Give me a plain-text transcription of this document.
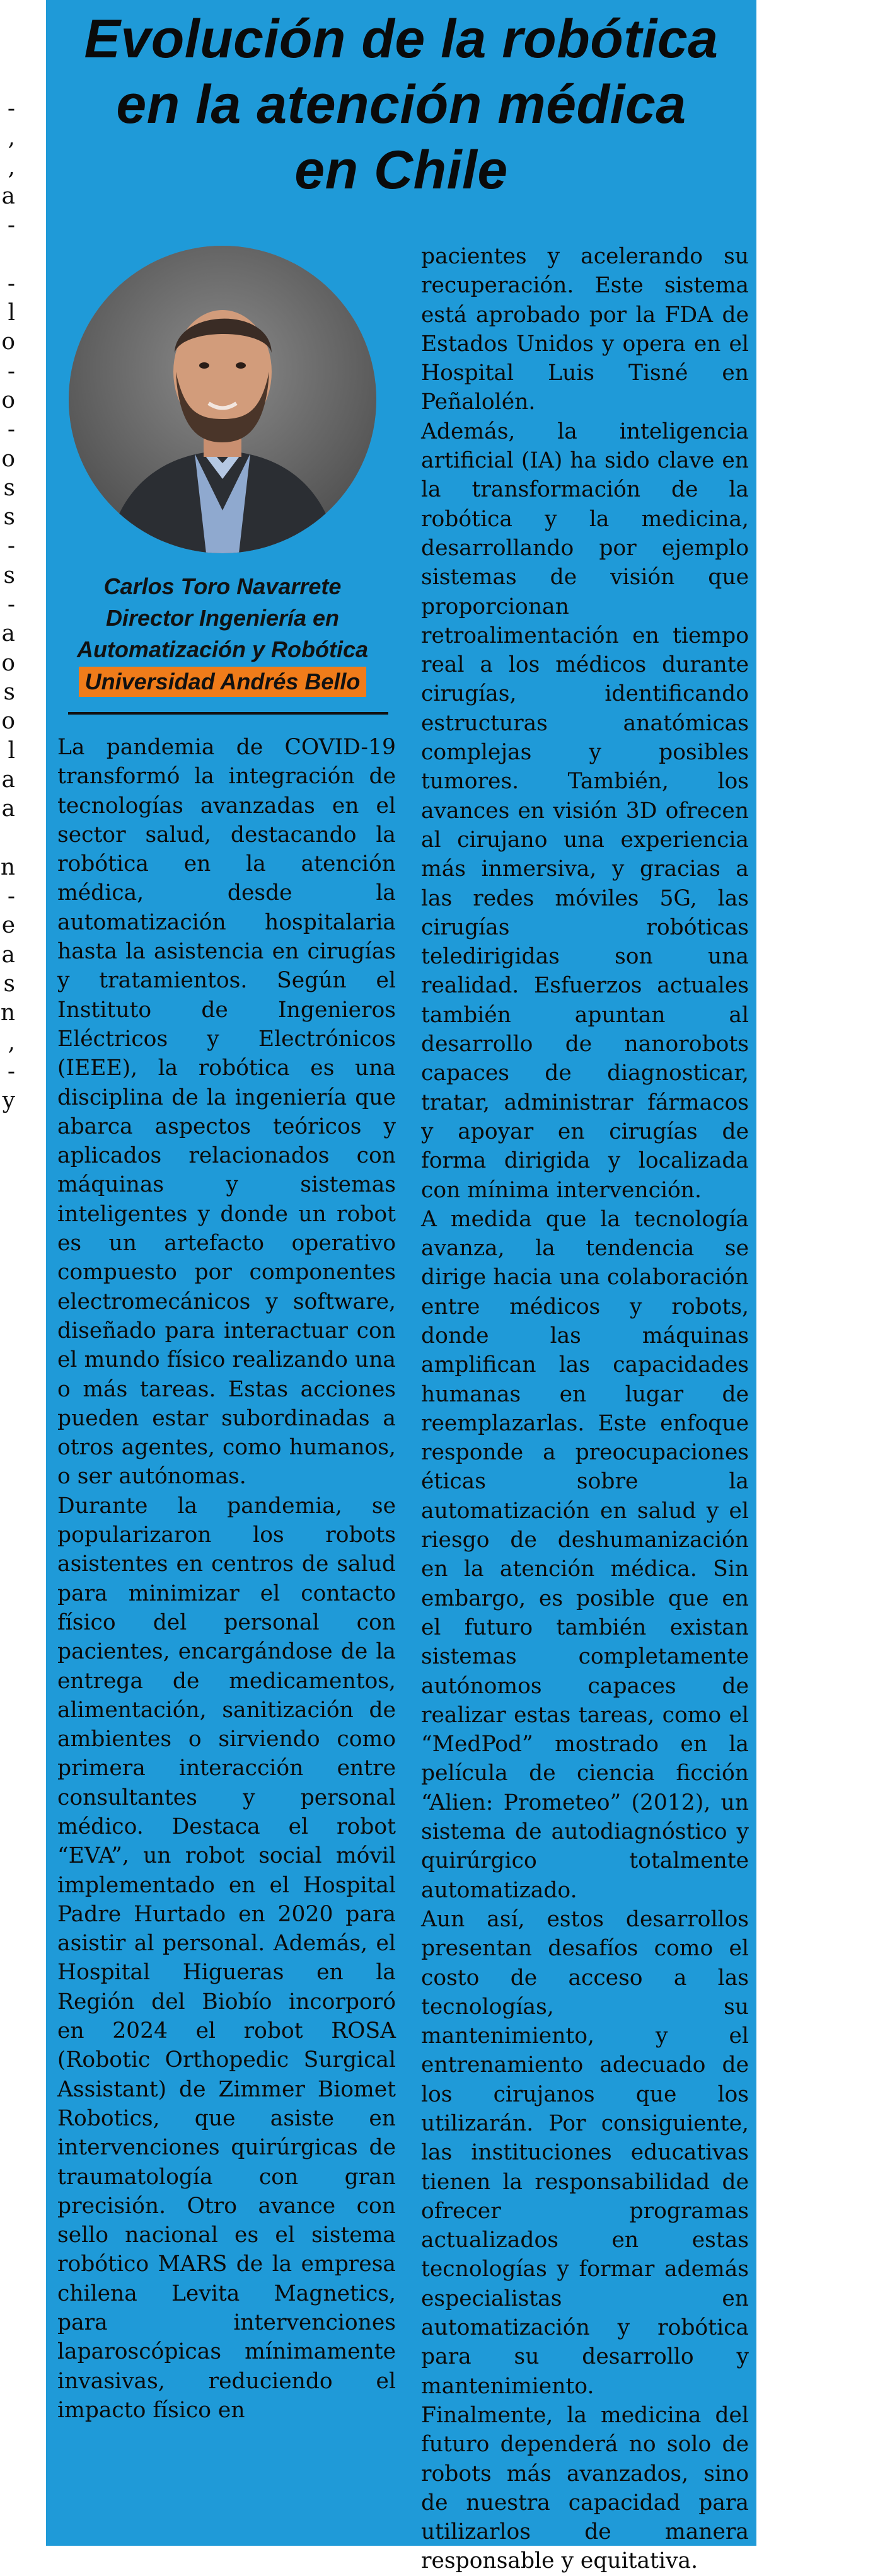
-
,
,
a
-
-
l
o
-
o
-
o
s
s
-
s
-
a
o
s
o
l
a
a
n
-
e
a
s
n
,
-
y
Evolución de la robótica
en la atención médica
en Chile
Carlos Toro Navarrete
Director Ingeniería en
Automatización y Robótica
Universidad Andrés Bello

La pandemia de COVID-19 transformó la integración de tecnologías avanzadas en el sector salud, destacando la robótica en la atención médica, desde la automatización hospitalaria hasta la asistencia en cirugías y tratamientos. Según el Instituto de Ingenieros Eléctricos y Electrónicos (IEEE), la robótica es una disciplina de la ingeniería que abarca aspectos teóricos y aplicados relacionados con máquinas y sistemas inteligentes y donde un robot es un artefacto operativo compuesto por componentes electromecánicos y software, diseñado para interactuar con el mundo físico realizando una o más tareas. Estas acciones pueden estar subordinadas a otros agentes, como humanos, o ser autónomas.

Durante la pandemia, se popularizaron los robots asistentes en centros de salud para minimizar el contacto físico del personal con pacientes, encargándose de la entrega de medicamentos, alimentación, sanitización de ambientes o sirviendo como primera interacción entre consultantes y personal médico. Destaca el robot “EVA”, un robot social móvil implementado en el Hospital Padre Hurtado en 2020 para asistir al personal. Además, el Hospital Higueras en la Región del Biobío incorporó en 2024 el robot ROSA (Robotic Orthopedic Surgical Assistant) de Zimmer Biomet Robotics, que asiste en intervenciones quirúrgicas de traumatología con gran precisión. Otro avance con sello nacional es el sistema robótico MARS de la empresa chilena Levita Magnetics, para intervenciones laparoscópicas mínimamente invasivas, reduciendo el impacto físico en

pacientes y acelerando su recuperación. Este sistema está aprobado por la FDA de Estados Unidos y opera en el Hospital Luis Tisné en Peñalolén.

Además, la inteligencia artificial (IA) ha sido clave en la transformación de la robótica y la medicina, desarrollando por ejemplo sistemas de visión que proporcionan retroalimentación en tiempo real a los médicos durante cirugías, identificando estructuras anatómicas complejas y posibles tumores. También, los avances en visión 3D ofrecen al cirujano una experiencia más inmersiva, y gracias a las redes móviles 5G, las cirugías robóticas teledirigidas son una realidad. Esfuerzos actuales también apuntan al desarrollo de nanorobots capaces de diagnosticar, tratar, administrar fármacos y apoyar en cirugías de forma dirigida y localizada con mínima intervención.

A medida que la tecnología avanza, la tendencia se dirige hacia una colaboración entre médicos y robots, donde las máquinas amplifican las capacidades humanas en lugar de reemplazarlas. Este enfoque responde a preocupaciones éticas sobre la automatización en salud y el riesgo de deshumanización en la atención médica. Sin embargo, es posible que en el futuro también existan sistemas completamente autónomos capaces de realizar estas tareas, como el “MedPod” mostrado en la película de ciencia ficción “Alien: Prometeo” (2012), un sistema de autodiagnóstico y quirúrgico totalmente automatizado.

Aun así, estos desarrollos presentan desafíos como el costo de acceso a las tecnologías, su mantenimiento, y el entrenamiento adecuado de los cirujanos que los utilizarán. Por consiguiente, las instituciones educativas tienen la responsabilidad de ofrecer programas actualizados en estas tecnologías y formar además especialistas en automatización y robótica para su desarrollo y mantenimiento.

Finalmente, la medicina del futuro dependerá no solo de robots más avanzados, sino de nuestra capacidad para utilizarlos de manera responsable y equitativa.
